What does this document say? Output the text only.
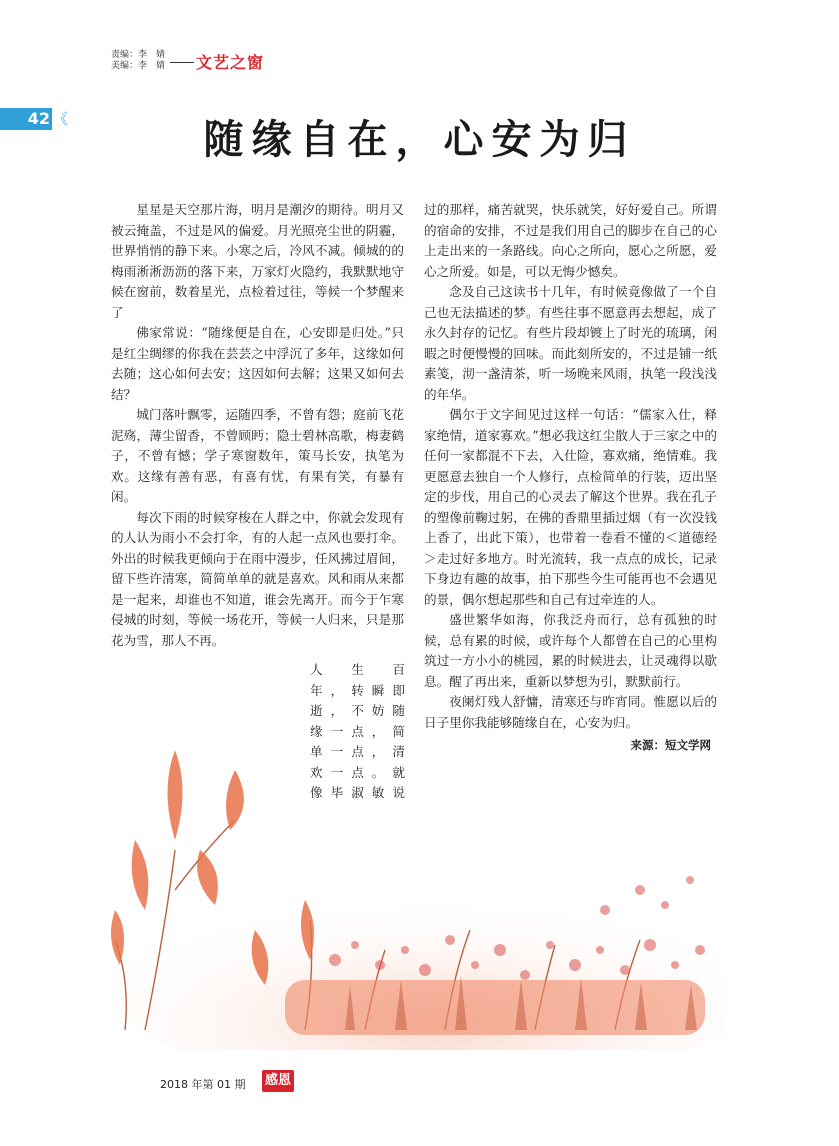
责编：李　婧
美编：李　婧 文艺之窗
42 《	随缘自在，心安为归

星星是天空那片海，明月是潮汐的期待。明月又被云掩盖，不过是风的偏爱。月光照亮尘世的阴霾，世界悄悄的静下来。小寒之后，冷风不减。倾城的的梅雨淅淅沥沥的落下来，万家灯火隐约，我默默地守候在窗前，数着星光，点检着过往，等候一个梦醒来了

佛家常说：“随缘便是自在，心安即是归处。”只是红尘绸缪的你我在芸芸之中浮沉了多年，这缘如何去随；这心如何去安；这因如何去解；这果又如何去结？

城门落叶飘零，运随四季，不曾有怨；庭前飞花泥殇，薄尘留香，不曾顾眄；隐士碧林高歌，梅妻鹤子，不曾有憾；学子寒窗数年，策马长安，执笔为欢。这缘有善有恶，有喜有忧，有果有笑，有暴有闲。

每次下雨的时候穿梭在人群之中，你就会发现有的人认为雨小不会打伞，有的人起一点风也要打伞。外出的时候我更倾向于在雨中漫步，任风拂过眉间，留下些许清寒，简简单单的就是喜欢。风和雨从来都是一起来，却谁也不知道，谁会先离开。而今于乍寒侵城的时刻，等候一场花开，等候一人归来，只是那花为雪，那人不再。

人 生 百
年，转瞬即
逝，不妨随
缘一点，简
单一点，清
欢一点。就
像毕淑敏说

过的那样，痛苦就哭，快乐就笑，好好爱自己。所谓的宿命的安排，不过是我们用自己的脚步在自己的心上走出来的一条路线。向心之所向，愿心之所愿，爱心之所爱。如是，可以无悔少憾矣。

念及自己这读书十几年，有时候竟像做了一个自己也无法描述的梦。有些往事不愿意再去想起，成了永久封存的记忆。有些片段却镀上了时光的琉璃，闲暇之时便慢慢的回味。而此刻所安的，不过是铺一纸素笺，沏一盏清茶，听一场晚来风雨，执笔一段浅浅的年华。

偶尔于文字间见过这样一句话：“儒家入仕，释家绝情，道家寡欢。”想必我这红尘散人于三家之中的任何一家都混不下去，入仕险，寡欢痛，绝情难。我更愿意去独自一个人修行，点检简单的行装，迈出坚定的步伐，用自己的心灵去了解这个世界。我在孔子的塑像前鞠过躬，在佛的香鼎里插过烟（有一次没钱上香了，出此下策），也带着一卷看不懂的＜道德经＞走过好多地方。时光流转，我一点点的成长，记录下身边有趣的故事，拍下那些今生可能再也不会遇见的景，偶尔想起那些和自己有过牵连的人。

盛世繁华如海，你我泛舟而行，总有孤独的时候，总有累的时候，或许每个人都曾在自己的心里构筑过一方小小的桃园，累的时候进去，让灵魂得以歇息。醒了再出来，重新以梦想为引，默默前行。

夜阑灯残人舒慵，清寒还与昨宵同。惟愿以后的日子里你我能够随缘自在，心安为归。

来源：短文学网
2018 年第 01 期 感恩
